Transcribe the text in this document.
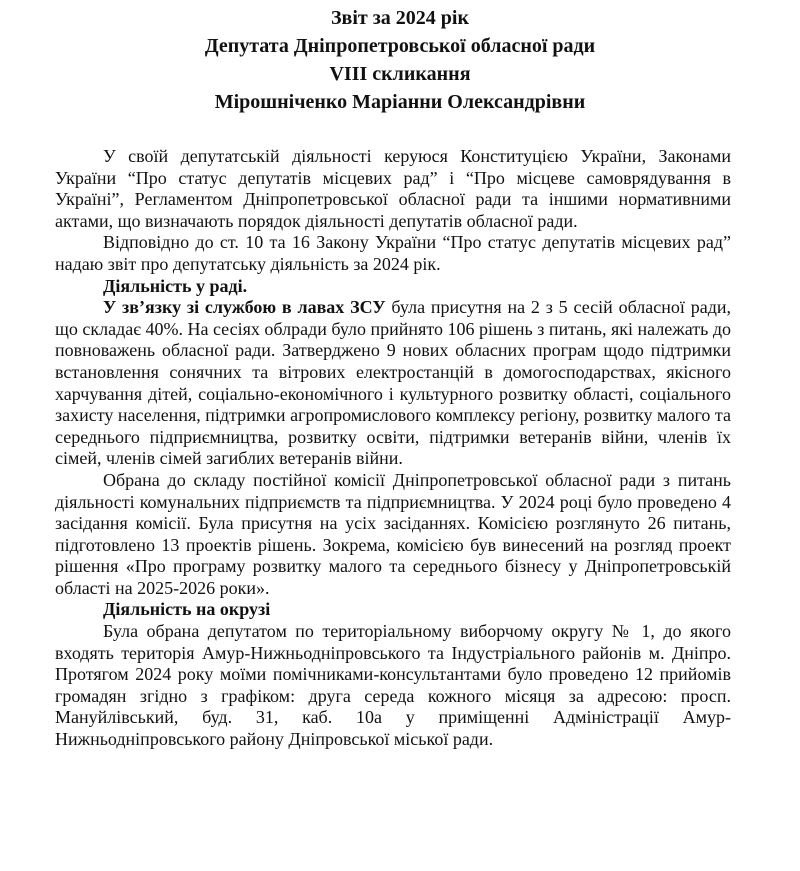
Звіт за 2024 рік
Депутата Дніпропетровської обласної ради
VIII скликання
Мірошніченко Маріанни Олександрівни

У своїй депутатській діяльності керуюся Конституцією України, Законами України “Про статус депутатів місцевих рад” і “Про місцеве самоврядування в Україні”, Регламентом Дніпропетровської обласної ради та іншими нормативними актами, що визначають порядок діяльності депутатів обласної ради.

Відповідно до ст. 10 та 16 Закону України “Про статус депутатів місцевих рад” надаю звіт про депутатську діяльність за 2024 рік.

Діяльність у раді.

У зв’язку зі службою в лавах ЗСУ була присутня на 2 з 5 сесій обласної ради, що складає 40%. На сесіях облради було прийнято 106 рішень з питань, які належать до повноважень обласної ради. Затверджено 9 нових обласних програм щодо підтримки встановлення сонячних та вітрових електростанцій в домогосподарствах, якісного харчування дітей, соціально-економічного і культурного розвитку області, соціального захисту населення, підтримки агропромислового комплексу регіону, розвитку малого та середнього підприємництва, розвитку освіти, підтримки ветеранів війни, членів їх сімей, членів сімей загиблих ветеранів війни.

Обрана до складу постійної комісії Дніпропетровської обласної ради з питань діяльності комунальних підприємств та підприємництва. У 2024 році було проведено 4 засідання комісії. Була присутня на усіх засіданнях. Комісією розглянуто 26 питань, підготовлено 13 проектів рішень. Зокрема, комісією був винесений на розгляд проект рішення «Про програму розвитку малого та середнього бізнесу у Дніпропетровській області на 2025-2026 роки».

Діяльність на окрузі

Була обрана депутатом по територіальному виборчому округу № 1, до якого входять територія Амур-Нижньодніпровського та Індустріального районів м. Дніпро. Протягом 2024 року моїми помічниками-консультантами було проведено 12 прийомів громадян згідно з графіком: друга середа кожного місяця за адресою: просп. Мануйлівський, буд. 31, каб. 10а у приміщенні Адміністрації Амур-Нижньодніпровського району Дніпровської міської ради.
